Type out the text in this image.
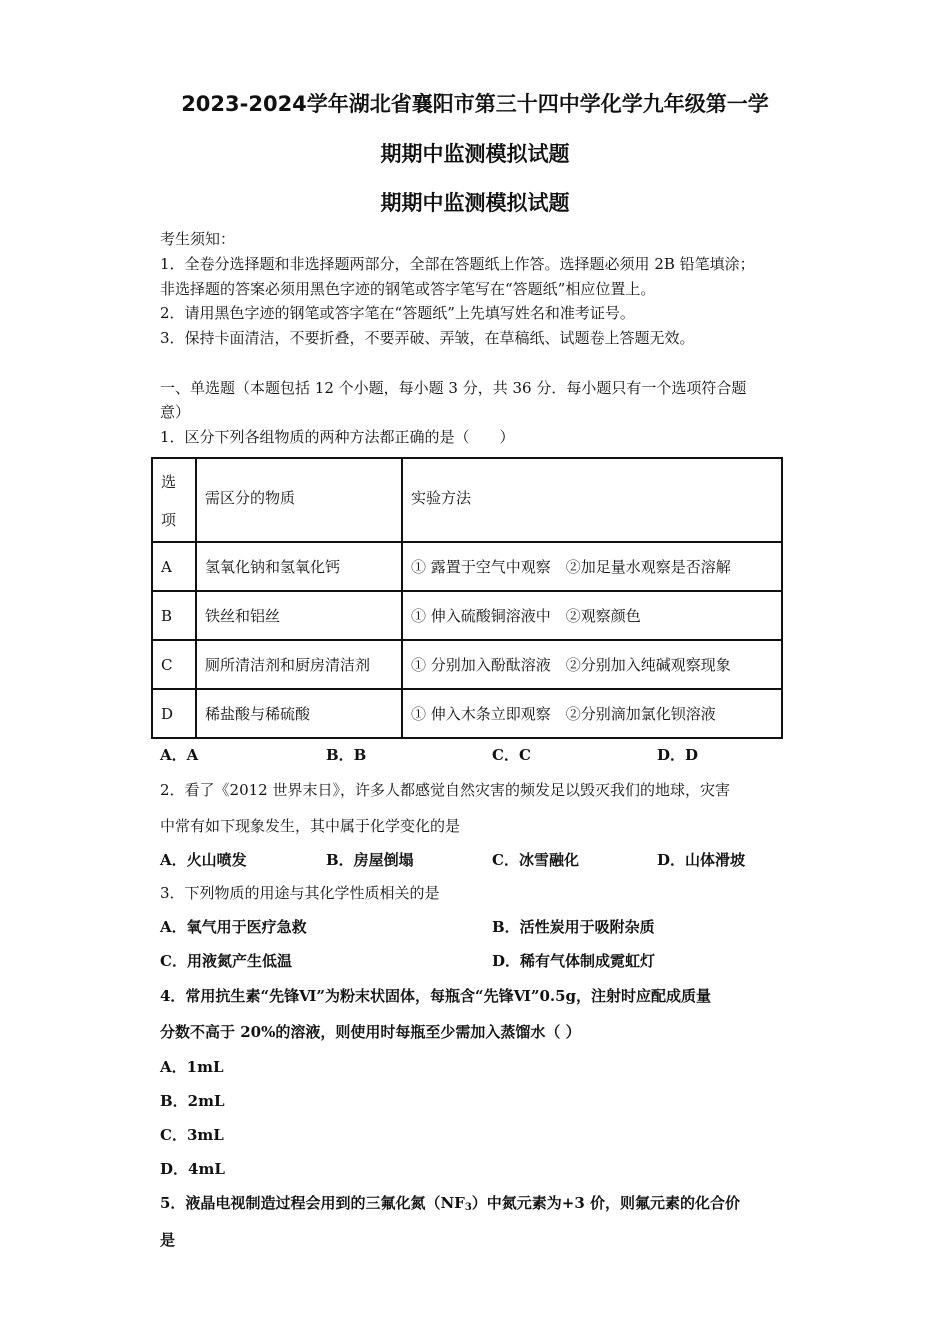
2023-2024学年湖北省襄阳市第三十四中学化学九年级第一学
期期中监测模拟试题
期期中监测模拟试题
考生须知：
1．全卷分选择题和非选择题两部分，全部在答题纸上作答。选择题必须用 2B 铅笔填涂；
非选择题的答案必须用黑色字迹的钢笔或答字笔写在“答题纸”相应位置上。
2．请用黑色字迹的钢笔或答字笔在“答题纸”上先填写姓名和准考证号。
3．保持卡面清洁，不要折叠，不要弄破、弄皱，在草稿纸、试题卷上答题无效。
一、单选题（本题包括 12 个小题，每小题 3 分，共 36 分．每小题只有一个选项符合题
意）
1．区分下列各组物质的两种方法都正确的是（　　）
选
项	需区分的物质	实验方法
A	氢氧化钠和氢氧化钙	① 露置于空气中观察　②加足量水观察是否溶解
B	铁丝和铝丝	① 伸入硫酸铜溶液中　②观察颜色
C	厕所清洁剂和厨房清洁剂	① 分别加入酚酞溶液　②分别加入纯碱观察现象
D	稀盐酸与稀硫酸	① 伸入木条立即观察　②分别滴加氯化钡溶液
A．A	B．B	C．C	D．D
2．看了《2012 世界末日》，许多人都感觉自然灾害的频发足以毁灭我们的地球，灾害
中常有如下现象发生，其中属于化学变化的是
A．火山喷发	B．房屋倒塌	C．冰雪融化	D．山体滑坡
3．下列物质的用途与其化学性质相关的是
A．氧气用于医疗急救	B．活性炭用于吸附杂质
C．用液氮产生低温	D．稀有气体制成霓虹灯
4．常用抗生素“先锋Ⅵ”为粉末状固体，每瓶含“先锋Ⅵ”0.5g，注射时应配成质量
分数不高于 20%的溶液，则使用时每瓶至少需加入蒸馏水（ ）
A．1mL
B．2mL
C．3mL
D．4mL
5．液晶电视制造过程会用到的三氟化氮$(NF_3)$中氮元素为+3 价，则氟元素的化合价
是
